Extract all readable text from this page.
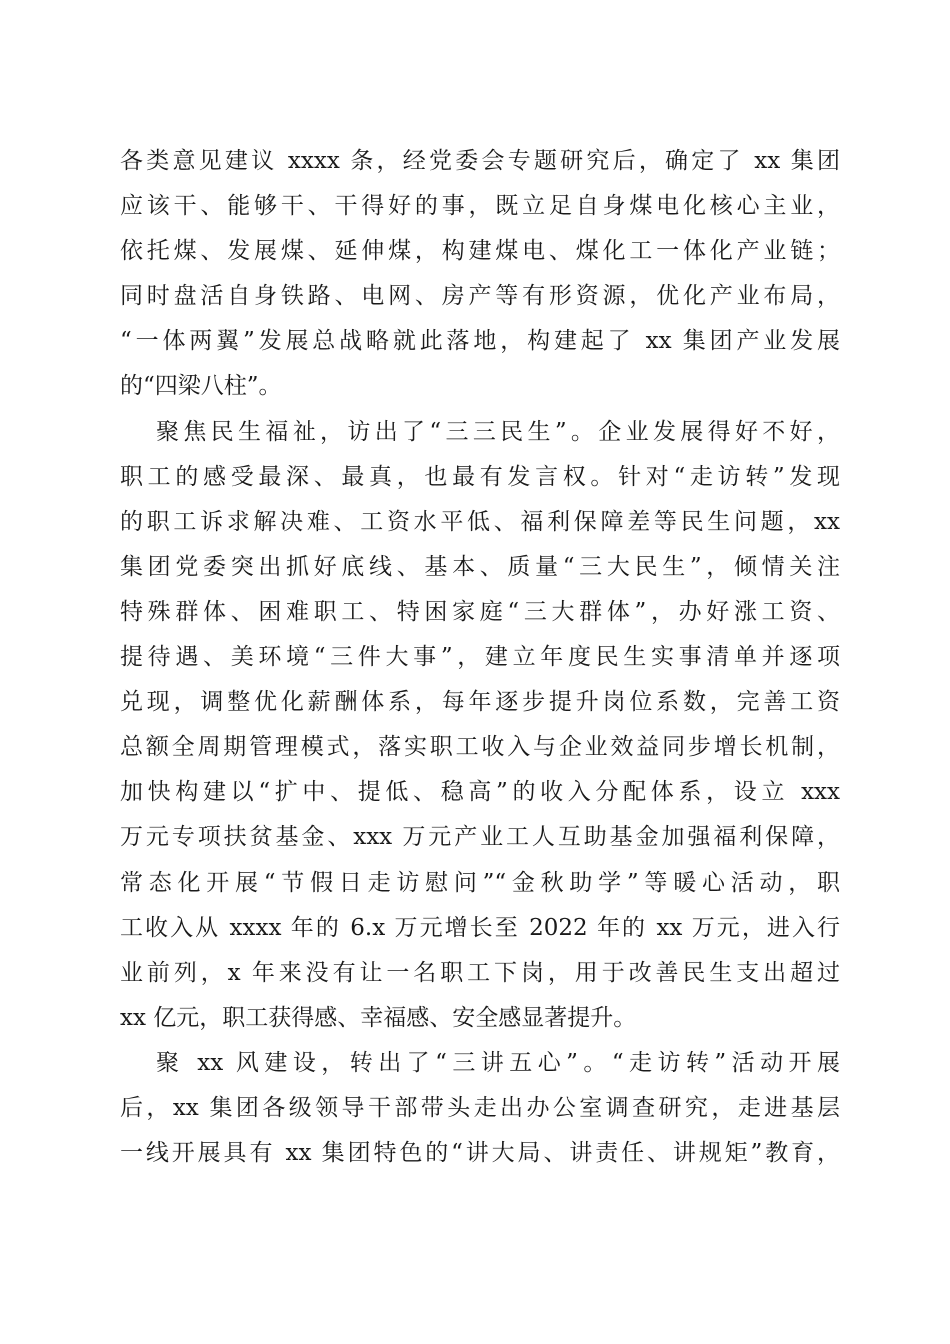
各类意见建议 xxxx 条，经党委会专题研究后，确定了 xx 集团
应该干、能够干、干得好的事，既立足自身煤电化核心主业，
依托煤、发展煤、延伸煤，构建煤电、煤化工一体化产业链；
同时盘活自身铁路、电网、房产等有形资源，优化产业布局，
“一体两翼”发展总战略就此落地，构建起了 xx 集团产业发展
的“四梁八柱”。
聚焦民生福祉，访出了“三三民生”。企业发展得好不好，
职工的感受最深、最真，也最有发言权。针对“走访转”发现
的职工诉求解决难、工资水平低、福利保障差等民生问题，xx
集团党委突出抓好底线、基本、质量“三大民生”，倾情关注
特殊群体、困难职工、特困家庭“三大群体”，办好涨工资、
提待遇、美环境“三件大事”，建立年度民生实事清单并逐项
兑现，调整优化薪酬体系，每年逐步提升岗位系数，完善工资
总额全周期管理模式，落实职工收入与企业效益同步增长机制，
加快构建以“扩中、提低、稳高”的收入分配体系，设立 xxx
万元专项扶贫基金、xxx 万元产业工人互助基金加强福利保障，
常态化开展“节假日走访慰问”“金秋助学”等暖心活动，职
工收入从 xxxx 年的 6.x 万元增长至 2022 年的 xx 万元，进入行
业前列，x 年来没有让一名职工下岗，用于改善民生支出超过
xx 亿元，职工获得感、幸福感、安全感显著提升。
聚 xx 风建设，转出了“三讲五心”。“走访转”活动开展
后，xx 集团各级领导干部带头走出办公室调查研究，走进基层
一线开展具有 xx 集团特色的“讲大局、讲责任、讲规矩”教育，
